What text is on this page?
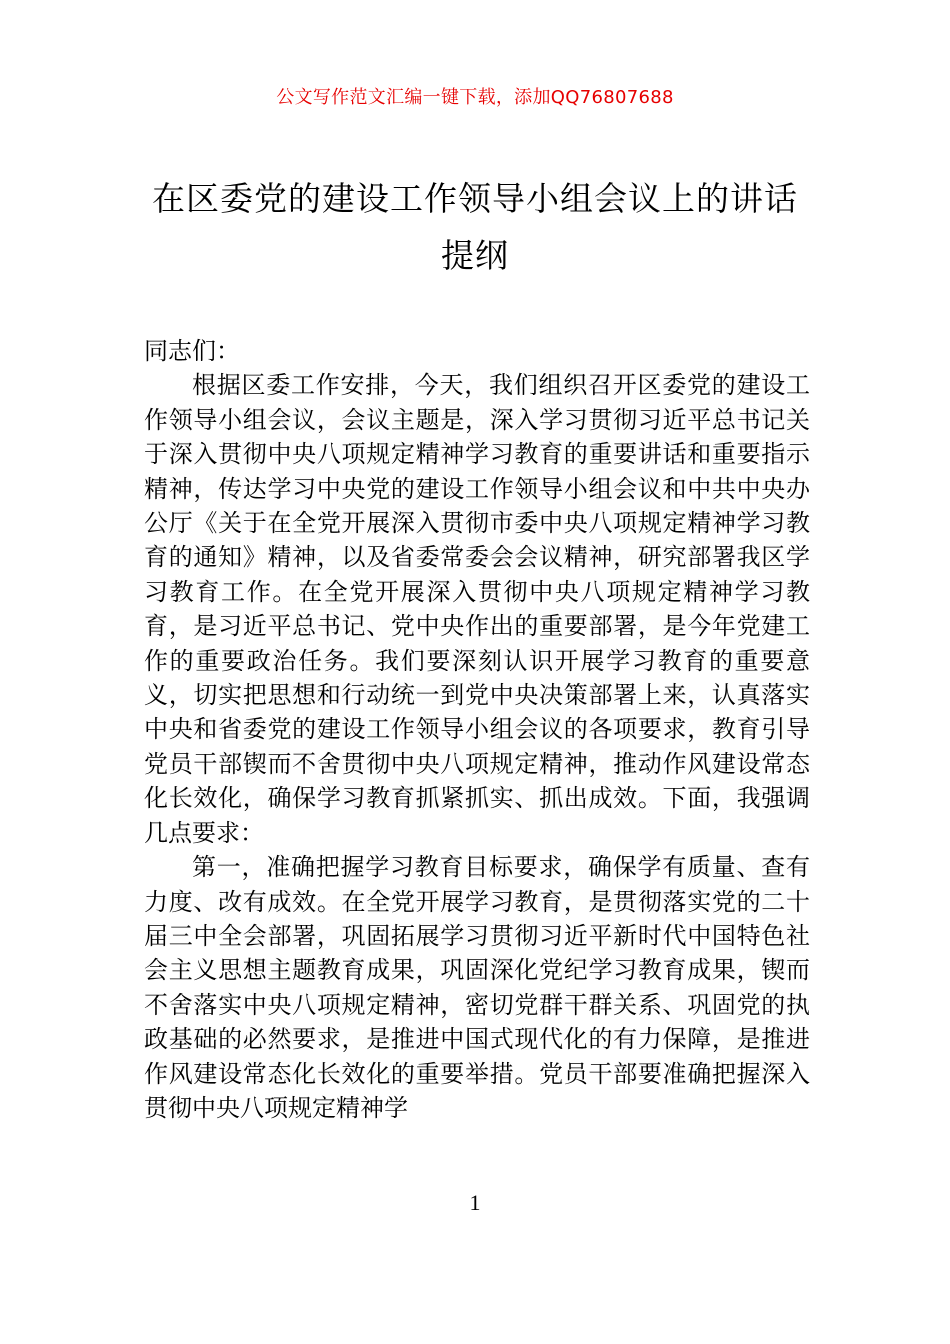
公文写作范文汇编一键下载，添加QQ76807688
在区委党的建设工作领导小组会议上的讲话提纲

同志们：

根据区委工作安排，今天，我们组织召开区委党的建设工作领导小组会议，会议主题是，深入学习贯彻习近平总书记关于深入贯彻中央八项规定精神学习教育的重要讲话和重要指示精神，传达学习中央党的建设工作领导小组会议和中共中央办公厅《关于在全党开展深入贯彻市委中央八项规定精神学习教育的通知》精神，以及省委常委会会议精神，研究部署我区学习教育工作。在全党开展深入贯彻中央八项规定精神学习教育，是习近平总书记、党中央作出的重要部署，是今年党建工作的重要政治任务。我们要深刻认识开展学习教育的重要意义，切实把思想和行动统一到党中央决策部署上来，认真落实中央和省委党的建设工作领导小组会议的各项要求，教育引导党员干部锲而不舍贯彻中央八项规定精神，推动作风建设常态化长效化，确保学习教育抓紧抓实、抓出成效。下面，我强调几点要求：

第一，准确把握学习教育目标要求，确保学有质量、查有力度、改有成效。在全党开展学习教育，是贯彻落实党的二十届三中全会部署，巩固拓展学习贯彻习近平新时代中国特色社会主义思想主题教育成果，巩固深化党纪学习教育成果，锲而不舍落实中央八项规定精神，密切党群干群关系、巩固党的执政基础的必然要求，是推进中国式现代化的有力保障，是推进作风建设常态化长效化的重要举措。党员干部要准确把握深入贯彻中央八项规定精神学

1
